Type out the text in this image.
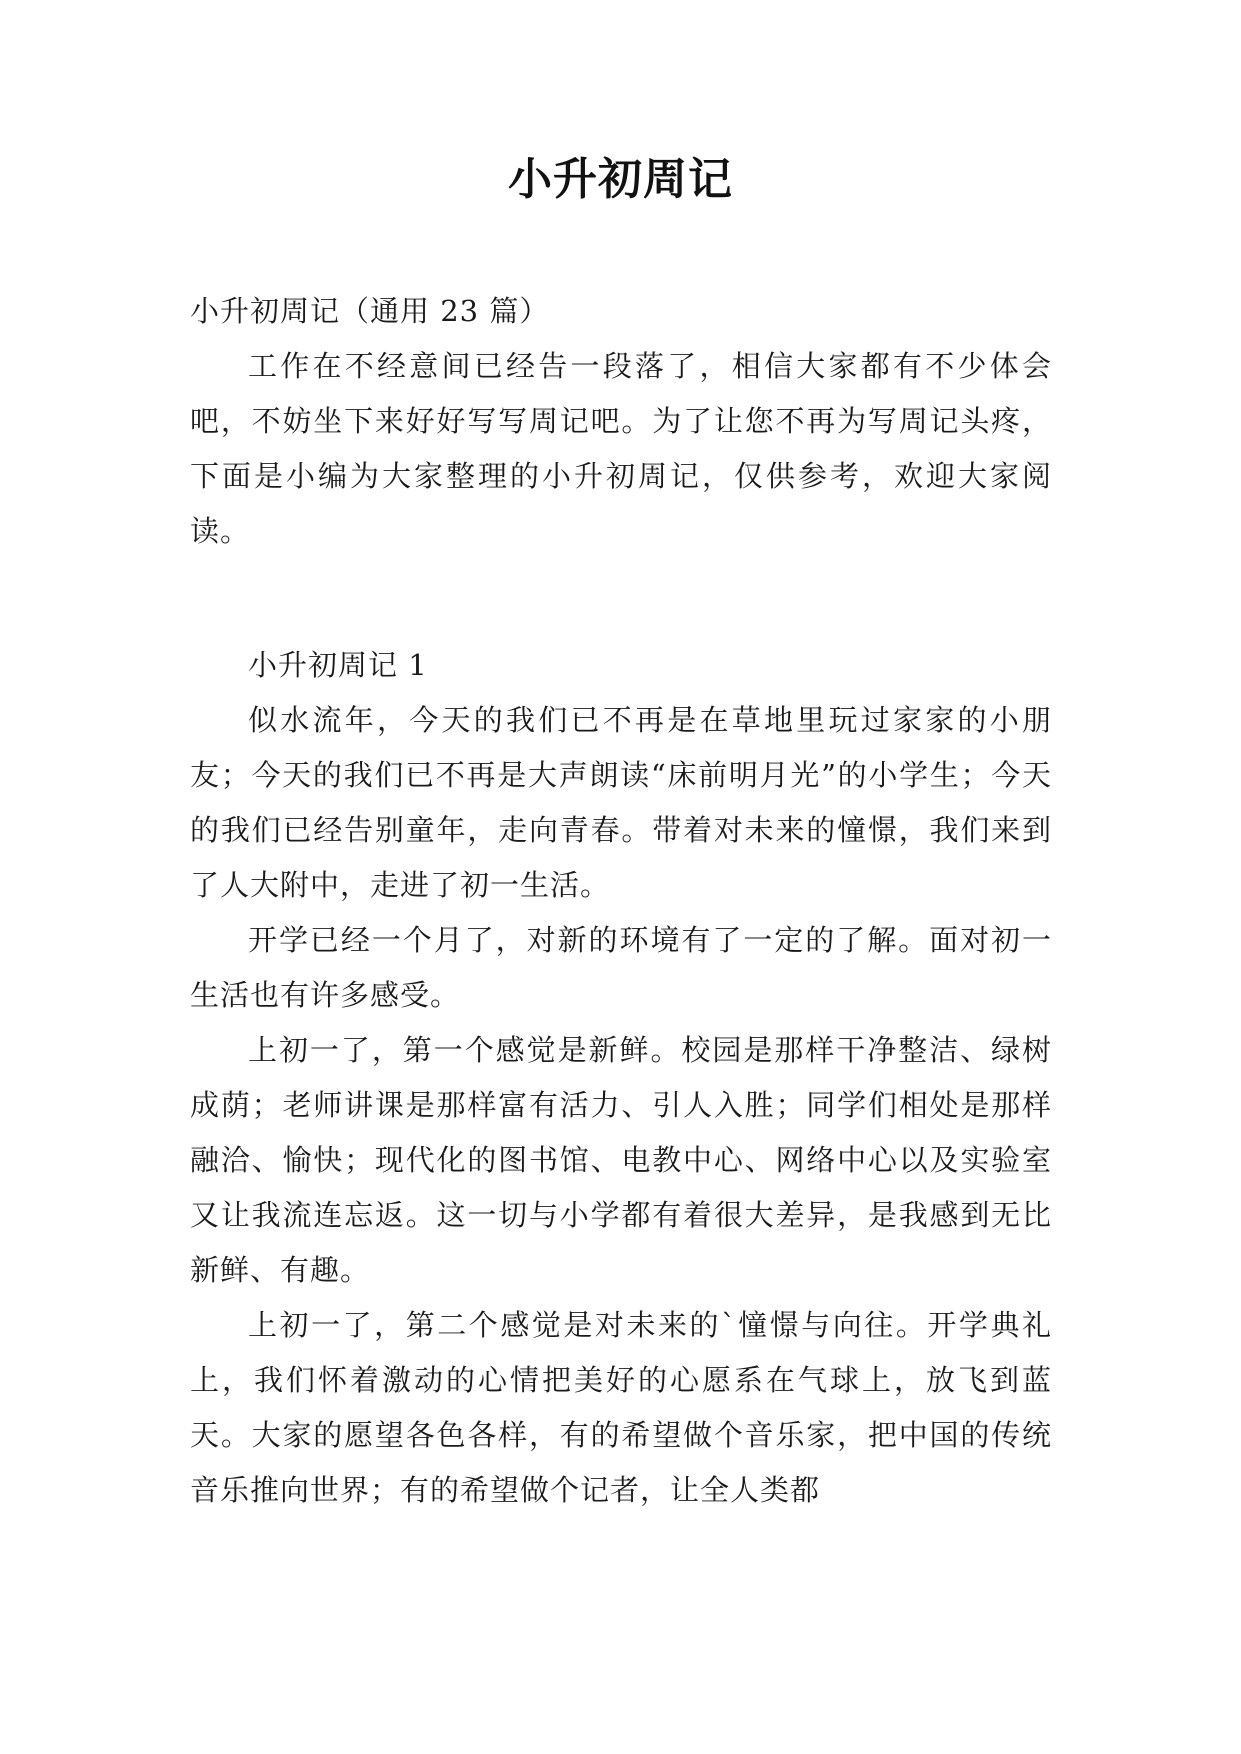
小升初周记

小升初周记（通用 23 篇）

工作在不经意间已经告一段落了，相信大家都有不少体会吧，不妨坐下来好好写写周记吧。为了让您不再为写周记头疼，下面是小编为大家整理的小升初周记，仅供参考，欢迎大家阅读。

小升初周记 1

似水流年，今天的我们已不再是在草地里玩过家家的小朋友；今天的我们已不再是大声朗读“床前明月光”的小学生；今天的我们已经告别童年，走向青春。带着对未来的憧憬，我们来到了人大附中，走进了初一生活。

开学已经一个月了，对新的环境有了一定的了解。面对初一生活也有许多感受。

上初一了，第一个感觉是新鲜。校园是那样干净整洁、绿树成荫；老师讲课是那样富有活力、引人入胜；同学们相处是那样融洽、愉快；现代化的图书馆、电教中心、网络中心以及实验室又让我流连忘返。这一切与小学都有着很大差异，是我感到无比新鲜、有趣。

上初一了，第二个感觉是对未来的`憧憬与向往。开学典礼上，我们怀着激动的心情把美好的心愿系在气球上，放飞到蓝天。大家的愿望各色各样，有的希望做个音乐家，把中国的传统音乐推向世界；有的希望做个记者，让全人类都
